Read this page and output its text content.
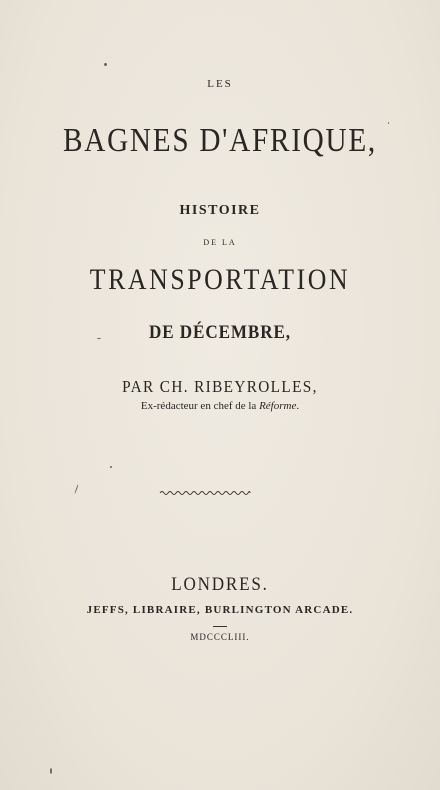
LES
BAGNES D'AFRIQUE,
HISTOIRE
DE LA
TRANSPORTATION
DE DÉCEMBRE,
PAR CH. RIBEYROLLES,
Ex-rédacteur en chef de la Réforme.
LONDRES.
JEFFS, LIBRAIRE, BURLINGTON ARCADE.
MDCCCLIII.
